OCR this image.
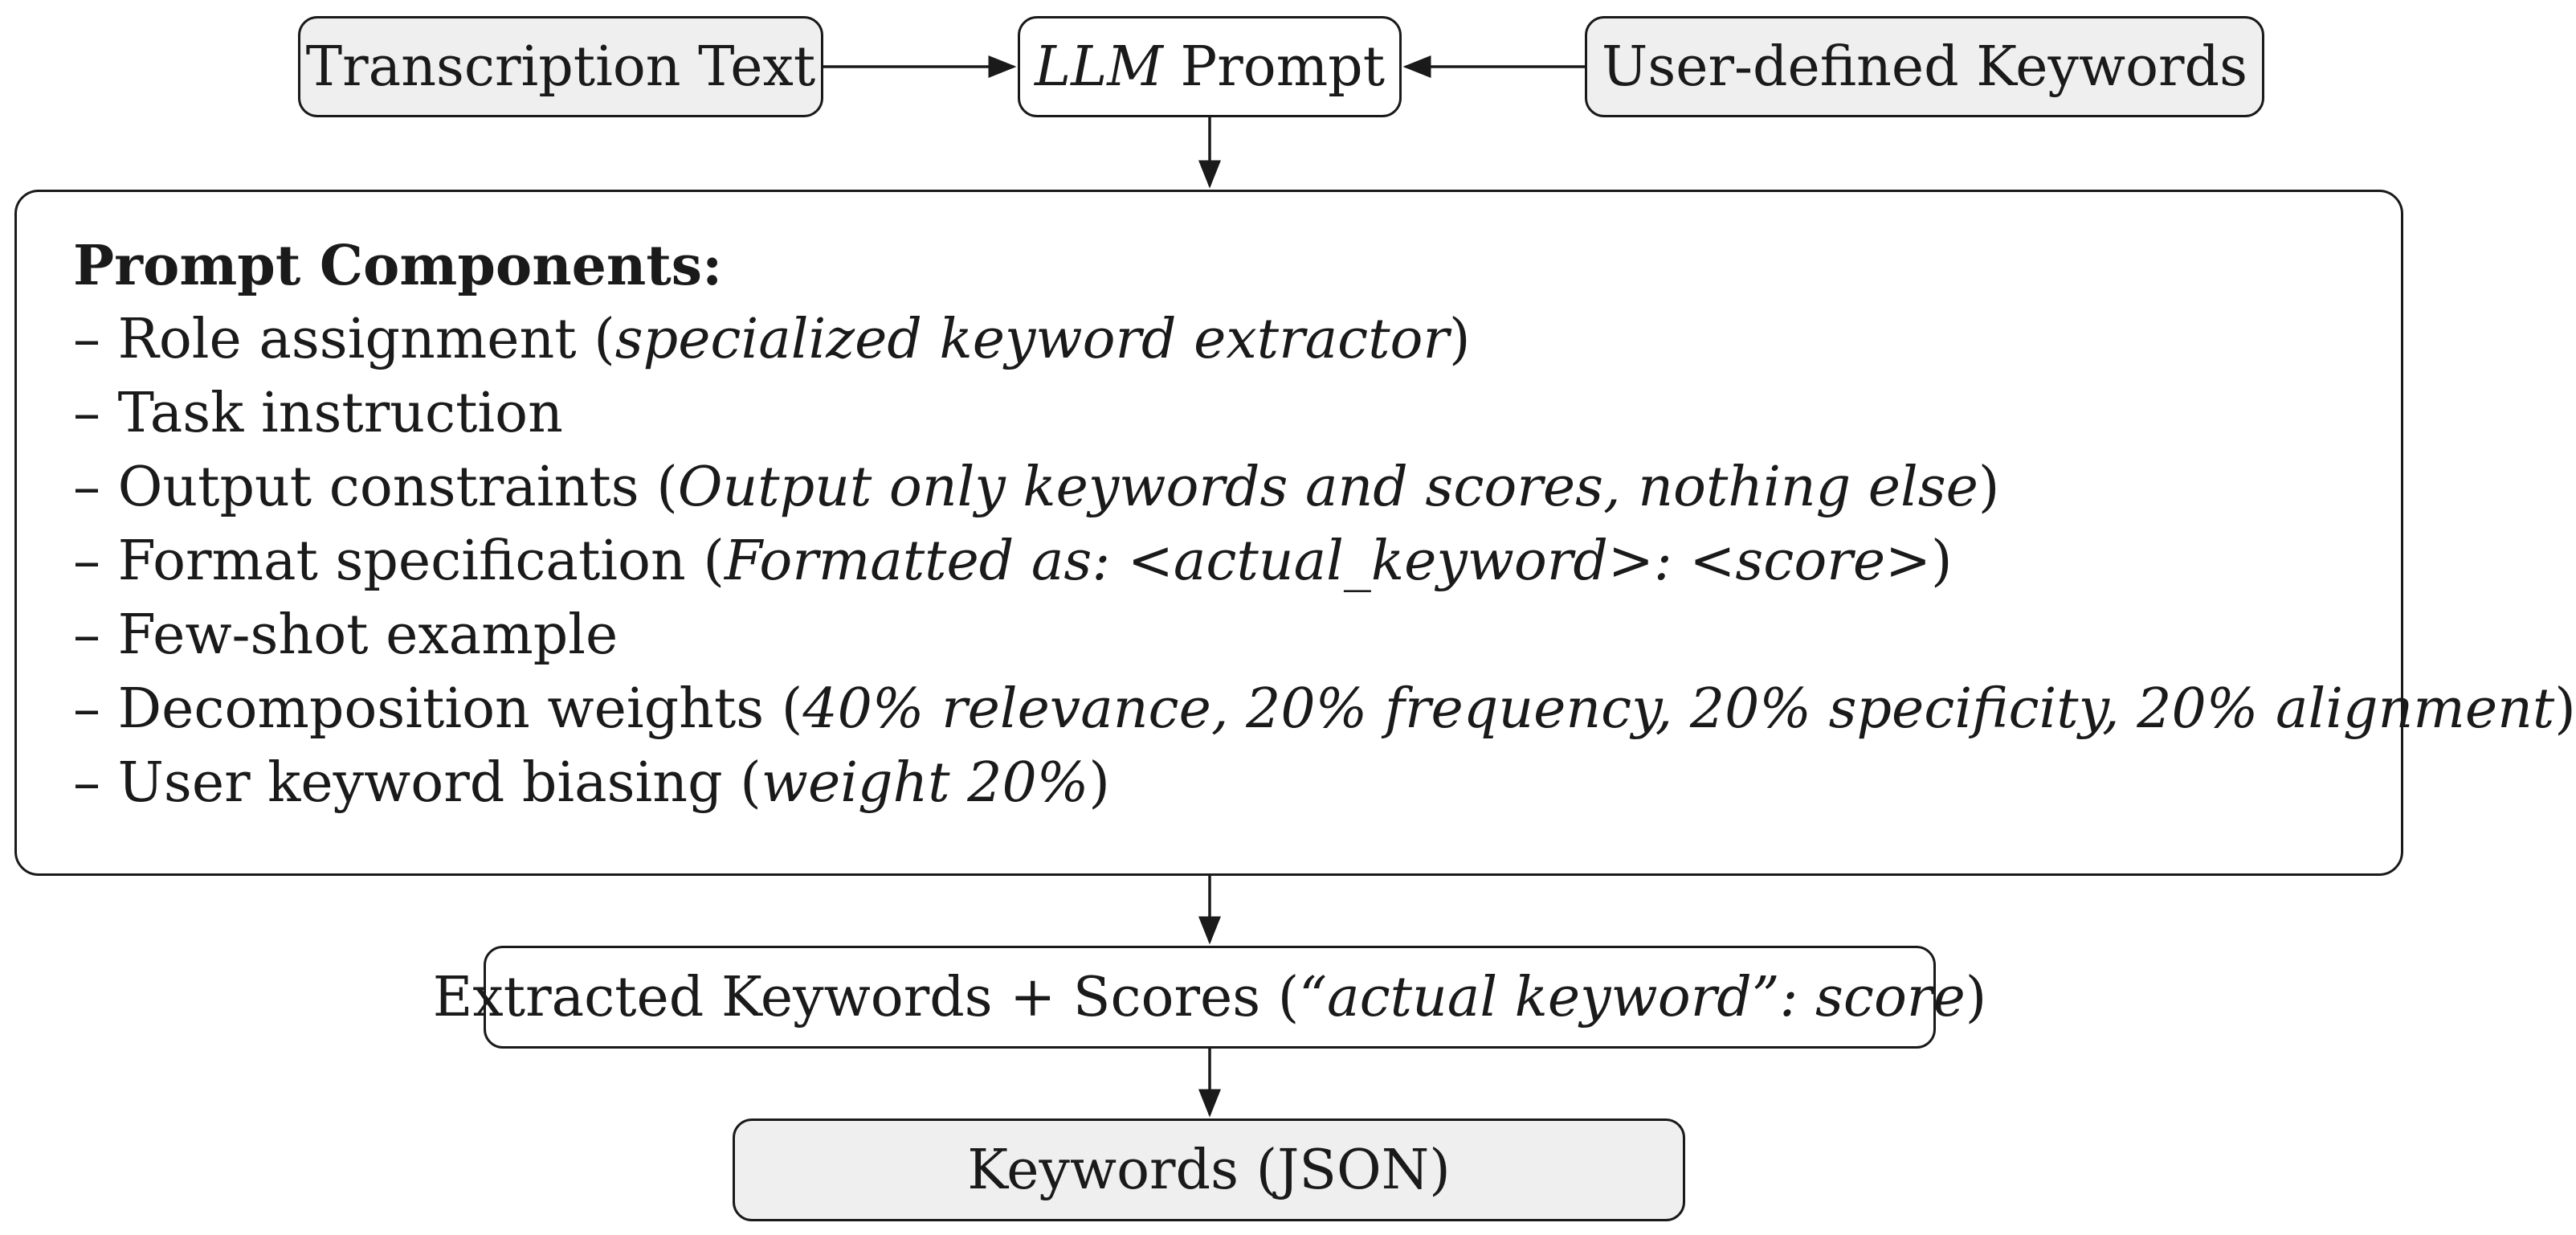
Transcription Text	LLM Prompt	User-defined Keywords
Prompt Components:
– Role assignment (specialized keyword extractor)
– Task instruction
– Output constraints (Output only keywords and scores, nothing else)
– Format specification (Formatted as: <actual_keyword>: <score>)
– Few-shot example
– Decomposition weights (40% relevance, 20% frequency, 20% specificity, 20% alignment)
– User keyword biasing (weight 20%)
Extracted Keywords + Scores ( “actual keyword”: score )
Keywords (JSON)
